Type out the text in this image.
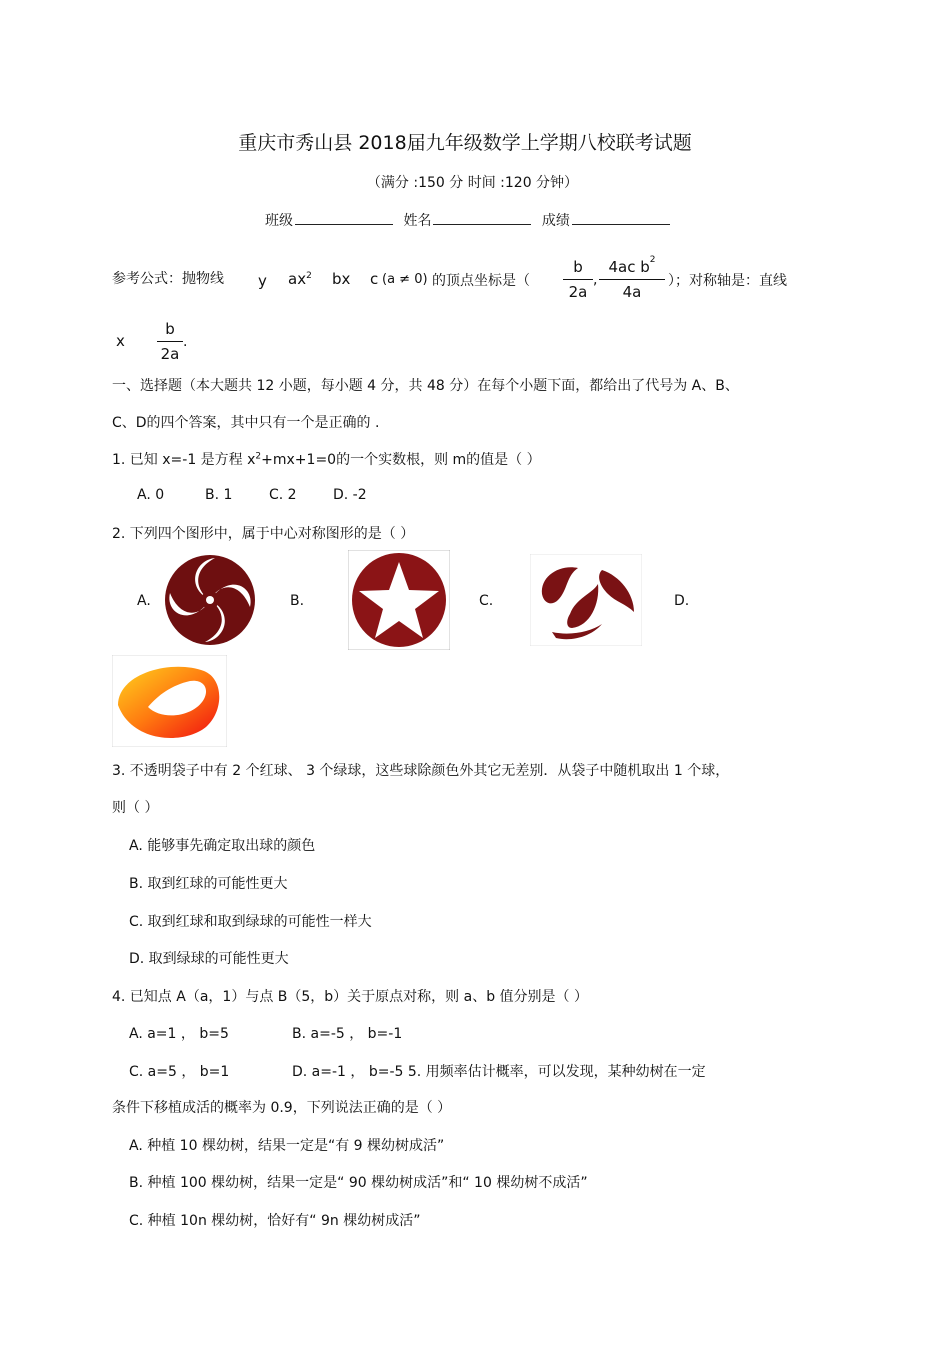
重庆市秀山县 2018届九年级数学上学期八校联考试题
（满分 :150 分 时间 :120 分钟）
班级	姓名	成绩
参考公式：抛物线 y $ax^2$ bx c (a ≠ 0) 的顶点坐标是（ $\frac{b}{2a}$ , $\frac{4ac b^2}{4a}$ ）；对称轴是：直线
x $\frac{b}{2a}$ .
一、选择题（本大题共 12 小题，每小题 4 分，共 48 分）在每个小题下面，都给出了代号为 A、B、
C、D的四个答案，其中只有一个是正确的 .
1. 已知 x=-1 是方程 $x^2+mx+1=0$的一个实数根，则 m的值是（ ）
A. 0	B. 1	C. 2	D. -2
2. 下列四个图形中，属于中心对称图形的是（ ）
A.	B.	C.	D.
3. 不透明袋子中有 2 个红球、 3 个绿球，这些球除颜色外其它无差别．从袋子中随机取出 1 个球，
则（ ）
A. 能够事先确定取出球的颜色
B. 取到红球的可能性更大
C. 取到红球和取到绿球的可能性一样大
D. 取到绿球的可能性更大
4. 已知点 A（a，1）与点 B（5，b）关于原点对称，则 a、b 值分别是（ ）
A. a=1 ， b=5	B. a=-5 ， b=-1
C. a=5 ， b=1	D. a=-1 ， b=-5 5. 用频率估计概率，可以发现，某种幼树在一定
条件下移植成活的概率为 0.9，下列说法正确的是（ ）
A. 种植 10 棵幼树，结果一定是“有 9 棵幼树成活”
B. 种植 100 棵幼树，结果一定是“ 90 棵幼树成活”和“ 10 棵幼树不成活”
C. 种植 10n 棵幼树，恰好有“ 9n 棵幼树成活”
